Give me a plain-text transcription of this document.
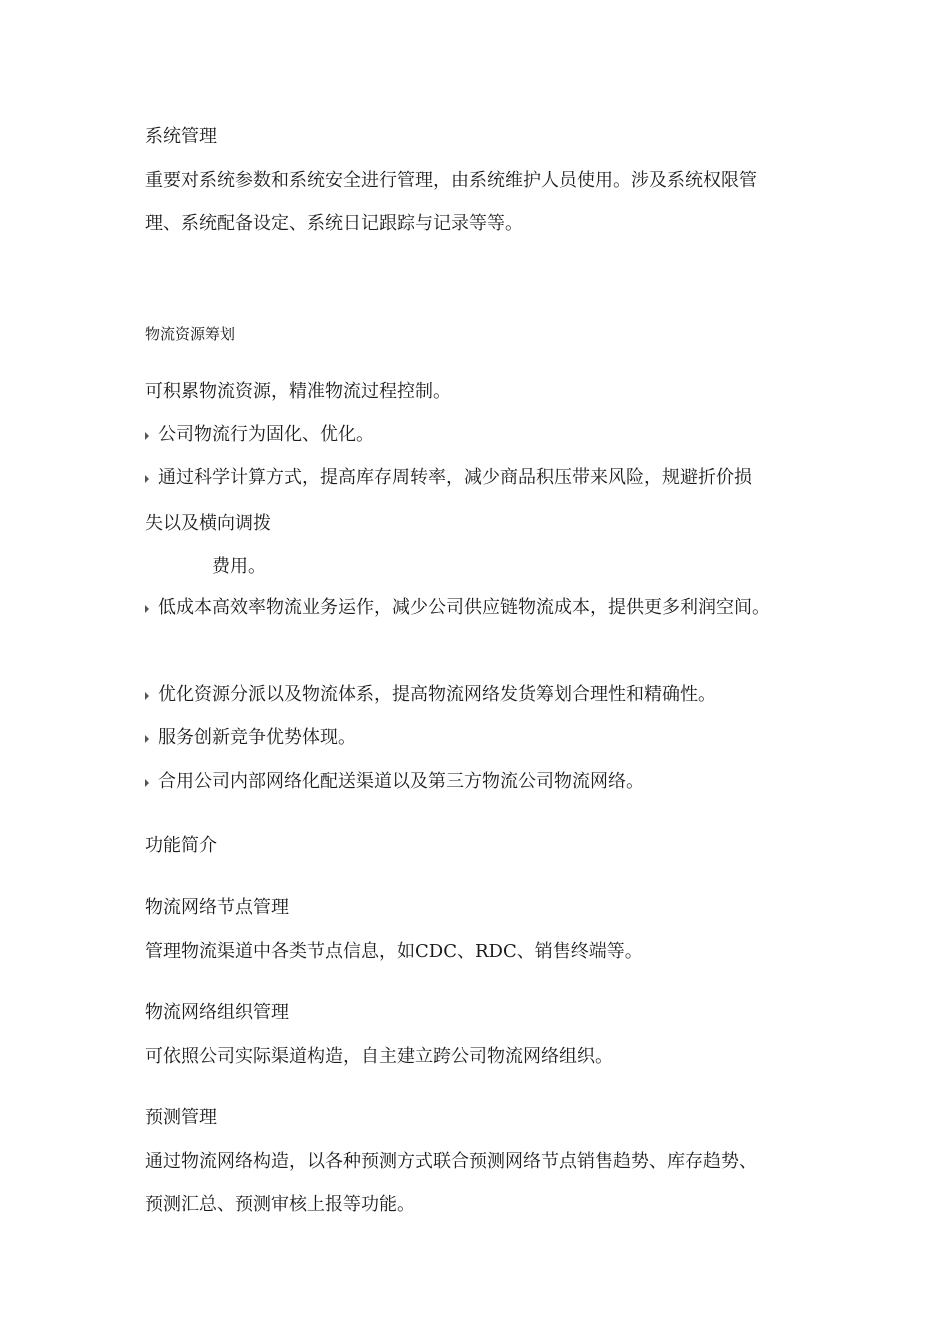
系统管理
重要对系统参数和系统安全进行管理，由系统维护人员使用。涉及系统权限管
理、系统配备设定、系统日记跟踪与记录等等。
物流资源筹划
可积累物流资源，精准物流过程控制。
公司物流行为固化、优化。
通过科学计算方式，提高库存周转率，减少商品积压带来风险，规避折价损
失以及横向调拨
费用。
低成本高效率物流业务运作，减少公司供应链物流成本，提供更多利润空间。
优化资源分派以及物流体系，提高物流网络发货筹划合理性和精确性。
服务创新竞争优势体现。
合用公司内部网络化配送渠道以及第三方物流公司物流网络。
功能简介
物流网络节点管理
管理物流渠道中各类节点信息，如CDC、RDC、销售终端等。
物流网络组织管理
可依照公司实际渠道构造，自主建立跨公司物流网络组织。
预测管理
通过物流网络构造，以各种预测方式联合预测网络节点销售趋势、库存趋势、
预测汇总、预测审核上报等功能。
